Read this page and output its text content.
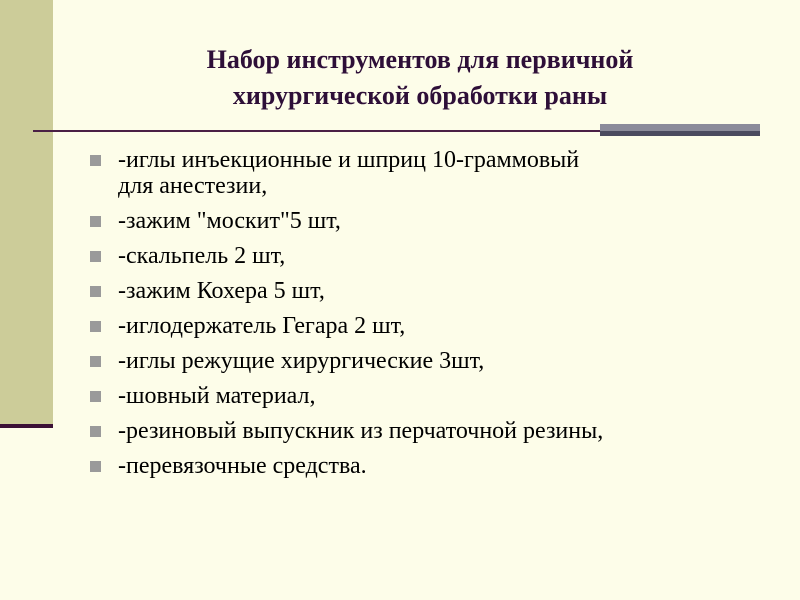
Набор инструментов для первичной
хирургической обработки раны
-иглы инъекционные и шприц 10-граммовый
для анестезии,
-зажим "москит"5 шт,
-скальпель 2 шт,
-зажим Кохера 5 шт,
-иглодержатель Гегара 2 шт,
-иглы режущие хирургические 3шт,
-шовный материал,
-резиновый выпускник из перчаточной резины,
-перевязочные средства.
